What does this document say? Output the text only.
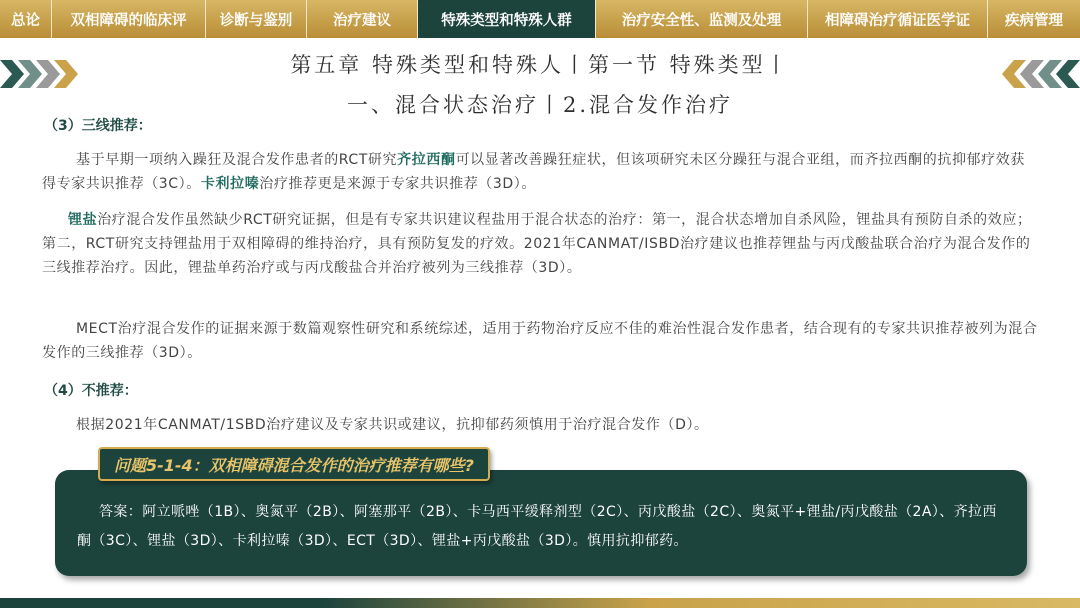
总论	双相障碍的临床评	诊断与鉴别	治疗建议	特殊类型和特殊人群	治疗安全性、监测及处理	相障碍治疗循证医学证	疾病管理
第五章 特殊类型和特殊人丨第一节 特殊类型丨
一、混合状态治疗丨2.混合发作治疗
（3）三线推荐：
基于早期一项纳入躁狂及混合发作患者的RCT研究齐拉西酮可以显著改善躁狂症状，但该项研究未区分躁狂与混合亚组，而齐拉西酮的抗抑郁疗效获得专家共识推荐（3C）。卡利拉嗪治疗推荐更是来源于专家共识推荐（3D）。
锂盐治疗混合发作虽然缺少RCT研究证据，但是有专家共识建议程盐用于混合状态的治疗：第一，混合状态增加自杀风险，锂盐具有预防自杀的效应；第二，RCT研究支持锂盐用于双相障碍的维持治疗，具有预防复发的疗效。2021年CANMAT/ISBD治疗建议也推荐锂盐与丙戊酸盐联合治疗为混合发作的三线推荐治疗。因此，锂盐单药治疗或与丙戊酸盐合并治疗被列为三线推荐（3D）。
MECT治疗混合发作的证据来源于数篇观察性研究和系统综述，适用于药物治疗反应不佳的难治性混合发作患者，结合现有的专家共识推荐被列为混合发作的三线推荐（3D）。
（4）不推荐：
根据2021年CANMAT/1SBD治疗建议及专家共识或建议，抗抑郁药须慎用于治疗混合发作（D）。
问题5-1-4：双相障碍混合发作的治疗推荐有哪些?
答案：阿立哌唑（1B）、奥氮平（2B）、阿塞那平（2B）、卡马西平缓释剂型（2C）、丙戊酸盐（2C）、奥氮平+锂盐/丙戊酸盐（2A）、齐拉西酮（3C）、锂盐（3D）、卡利拉嗪（3D）、ECT（3D）、锂盐+丙戊酸盐（3D）。慎用抗抑郁药。
